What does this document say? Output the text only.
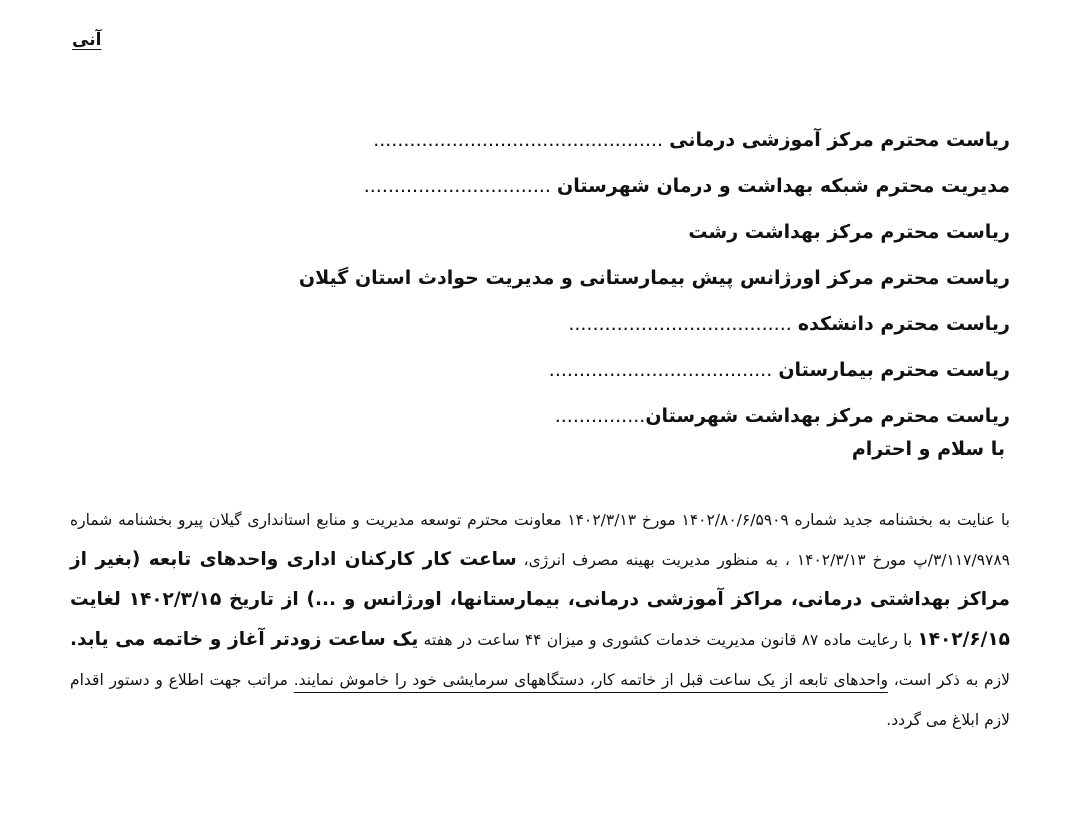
آنی
ریاست محترم مرکز آموزشی درمانی ................................................
مدیریت محترم شبکه بهداشت و درمان شهرستان ...............................
ریاست محترم مرکز بهداشت رشت
ریاست محترم مرکز اورژانس پیش بیمارستانی و مدیریت حوادث استان گیلان
ریاست محترم دانشکده .....................................
ریاست محترم بیمارستان .....................................
ریاست محترم مرکز بهداشت شهرستان...............
با سلام و احترام
با عنایت به بخشنامه جدید شماره ۱۴۰۲/۸۰/۶/۵۹۰۹ مورخ ۱۴۰۲/۳/۱۳ معاونت محترم توسعه مدیریت و منابع استانداری گیلان پیرو بخشنامه شماره ۳/۱۱۷/۹۷۸۹/پ مورخ ۱۴۰۲/۳/۱۳ ، به منظور مدیریت بهینه مصرف انرژی، ساعت کار کارکنان اداری واحدهای تابعه (بغیر از مراکز بهداشتی درمانی، مراکز آموزشی درمانی، بیمارستانها، اورژانس و ...) از تاریخ ۱۴۰۲/۳/۱۵ لغایت ۱۴۰۲/۶/۱۵ با رعایت ماده ۸۷ قانون مدیریت خدمات کشوری و میزان ۴۴ ساعت در هفته یک ساعت زودتر آغاز و خاتمه می یابد. لازم به ذکر است، واحدهای تابعه از یک ساعت قبل از خاتمه کار، دستگاههای سرمایشی خود را خاموش نمایند. مراتب جهت اطلاع و دستور اقدام لازم ابلاغ می گردد.
